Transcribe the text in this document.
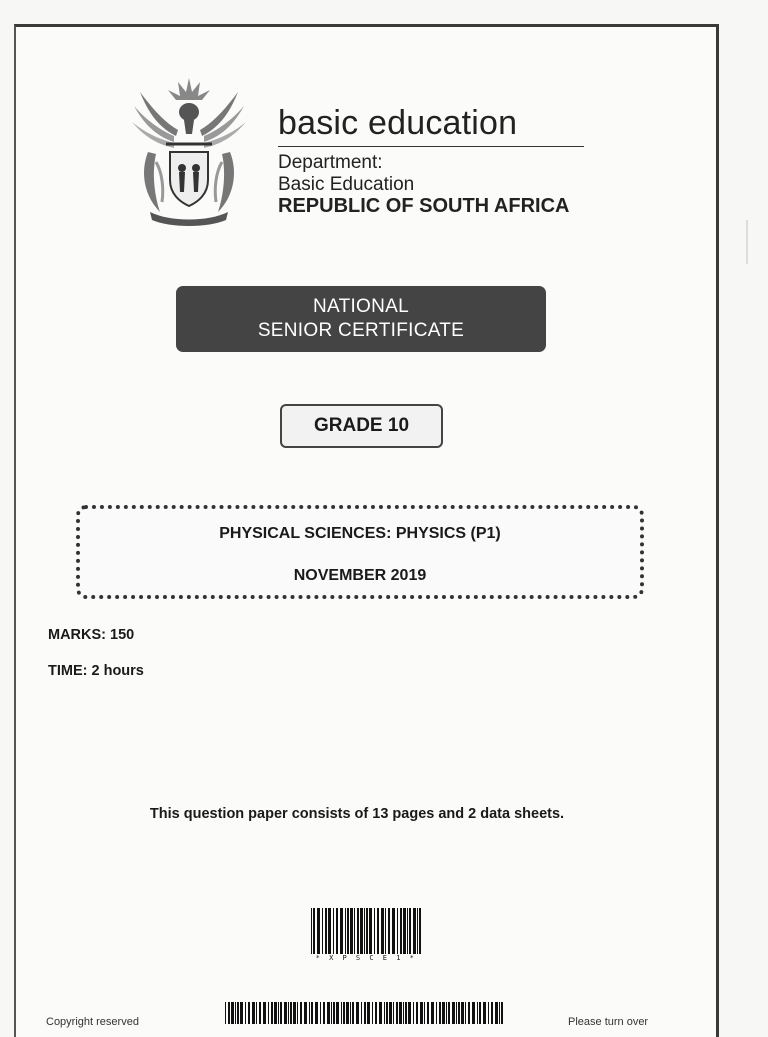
basic education
Department:
Basic Education
REPUBLIC OF SOUTH AFRICA
NATIONAL
SENIOR CERTIFICATE
GRADE 10
PHYSICAL SCIENCES: PHYSICS (P1)
NOVEMBER 2019
MARKS: 150
TIME: 2 hours
This question paper consists of 13 pages and 2 data sheets.
* X P S C E 1 *
Copyright reserved	Please turn over
